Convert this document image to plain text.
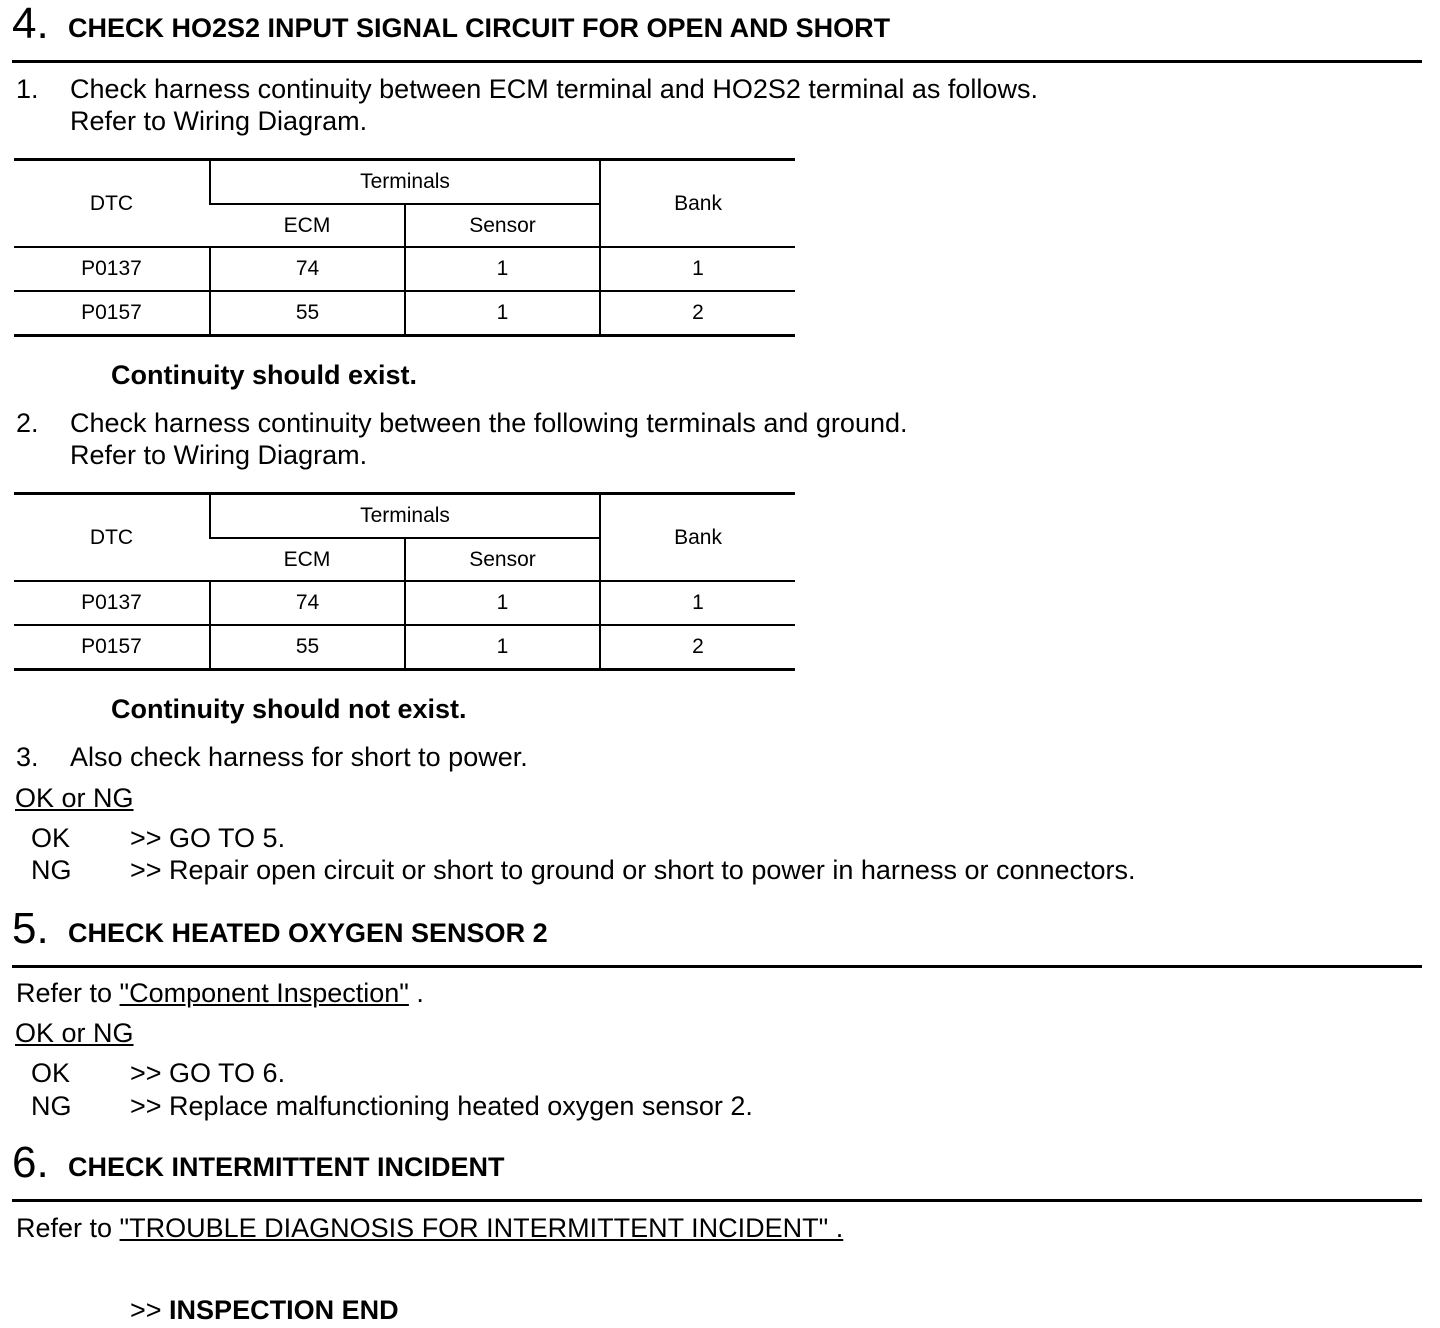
4. CHECK HO2S2 INPUT SIGNAL CIRCUIT FOR OPEN AND SHORT
1. Check harness continuity between ECM terminal and HO2S2 terminal as follows.
Refer to Wiring Diagram.
DTC	Terminals		Bank
	ECM	Sensor	
P0137	74	1	1
P0157	55	1	2
Continuity should exist.
2. Check harness continuity between the following terminals and ground.
Refer to Wiring Diagram.
DTC	Terminals		Bank
	ECM	Sensor	
P0137	74	1	1
P0157	55	1	2
Continuity should not exist.
3. Also check harness for short to power.
OK or NG
OK >> GO TO 5.
NG >> Repair open circuit or short to ground or short to power in harness or connectors.
5. CHECK HEATED OXYGEN SENSOR 2
Refer to "Component Inspection" .
OK or NG
OK >> GO TO 6.
NG >> Replace malfunctioning heated oxygen sensor 2.
6. CHECK INTERMITTENT INCIDENT
Refer to "TROUBLE DIAGNOSIS FOR INTERMITTENT INCIDENT" .
>> INSPECTION END
